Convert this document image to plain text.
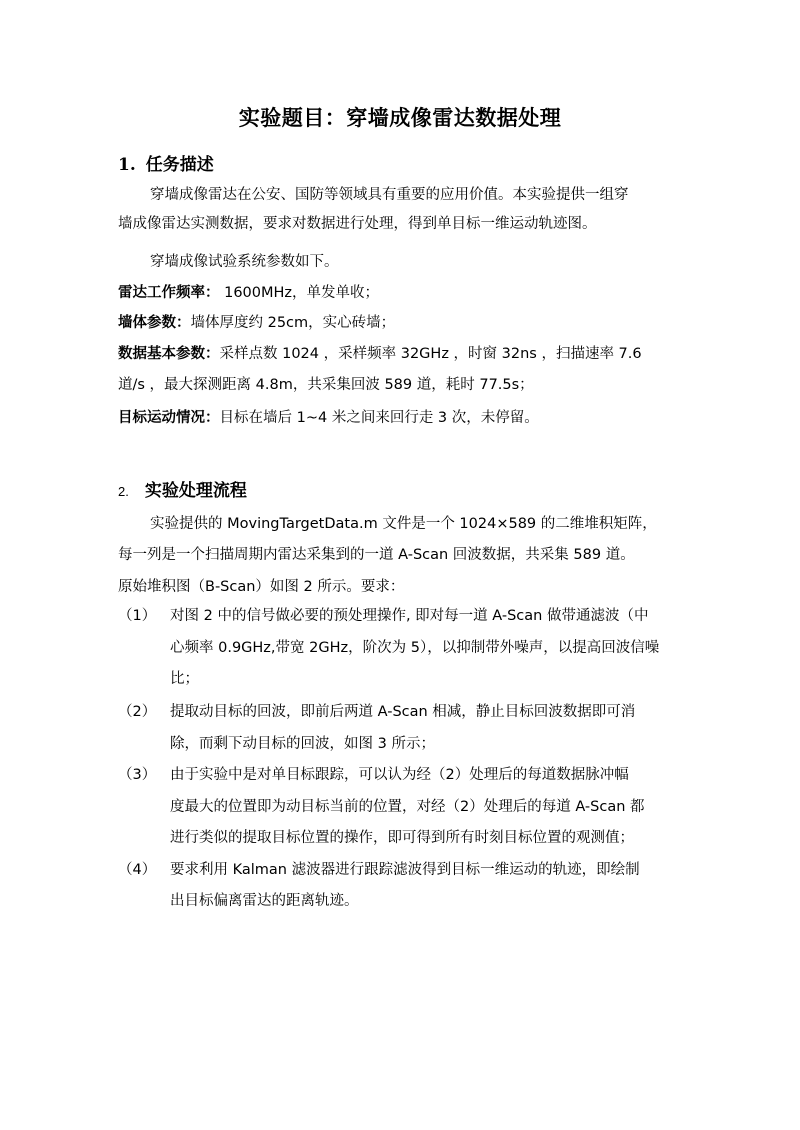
实验题目：穿墙成像雷达数据处理
1. 任务描述
穿墙成像雷达在公安、国防等领域具有重要的应用价值。本实验提供一组穿
墙成像雷达实测数据，要求对数据进行处理，得到单目标一维运动轨迹图。
穿墙成像试验系统参数如下。
雷达工作频率： 1600MHz，单发单收；
墙体参数：墙体厚度约 25cm，实心砖墙；
数据基本参数：采样点数 1024 ，采样频率 32GHz ，时窗 32ns ，扫描速率 7.6
道/s ，最大探测距离 4.8m，共采集回波 589 道，耗时 77.5s；
目标运动情况：目标在墙后 1~4 米之间来回行走 3 次，未停留。
2. 实验处理流程
实验提供的 MovingTargetData.m 文件是一个 1024×589 的二维堆积矩阵，
每一列是一个扫描周期内雷达采集到的一道 A-Scan 回波数据，共采集 589 道。
原始堆积图（B-Scan）如图 2 所示。要求：
（1） 对图 2 中的信号做必要的预处理操作, 即对每一道 A-Scan 做带通滤波（中
心频率 0.9GHz,带宽 2GHz，阶次为 5），以抑制带外噪声，以提高回波信噪
比；
（2） 提取动目标的回波，即前后两道 A-Scan 相减，静止目标回波数据即可消
除，而剩下动目标的回波，如图 3 所示；
（3） 由于实验中是对单目标跟踪，可以认为经（2）处理后的每道数据脉冲幅
度最大的位置即为动目标当前的位置，对经（2）处理后的每道 A-Scan 都
进行类似的提取目标位置的操作，即可得到所有时刻目标位置的观测值；
（4） 要求利用 Kalman 滤波器进行跟踪滤波得到目标一维运动的轨迹，即绘制
出目标偏离雷达的距离轨迹。
